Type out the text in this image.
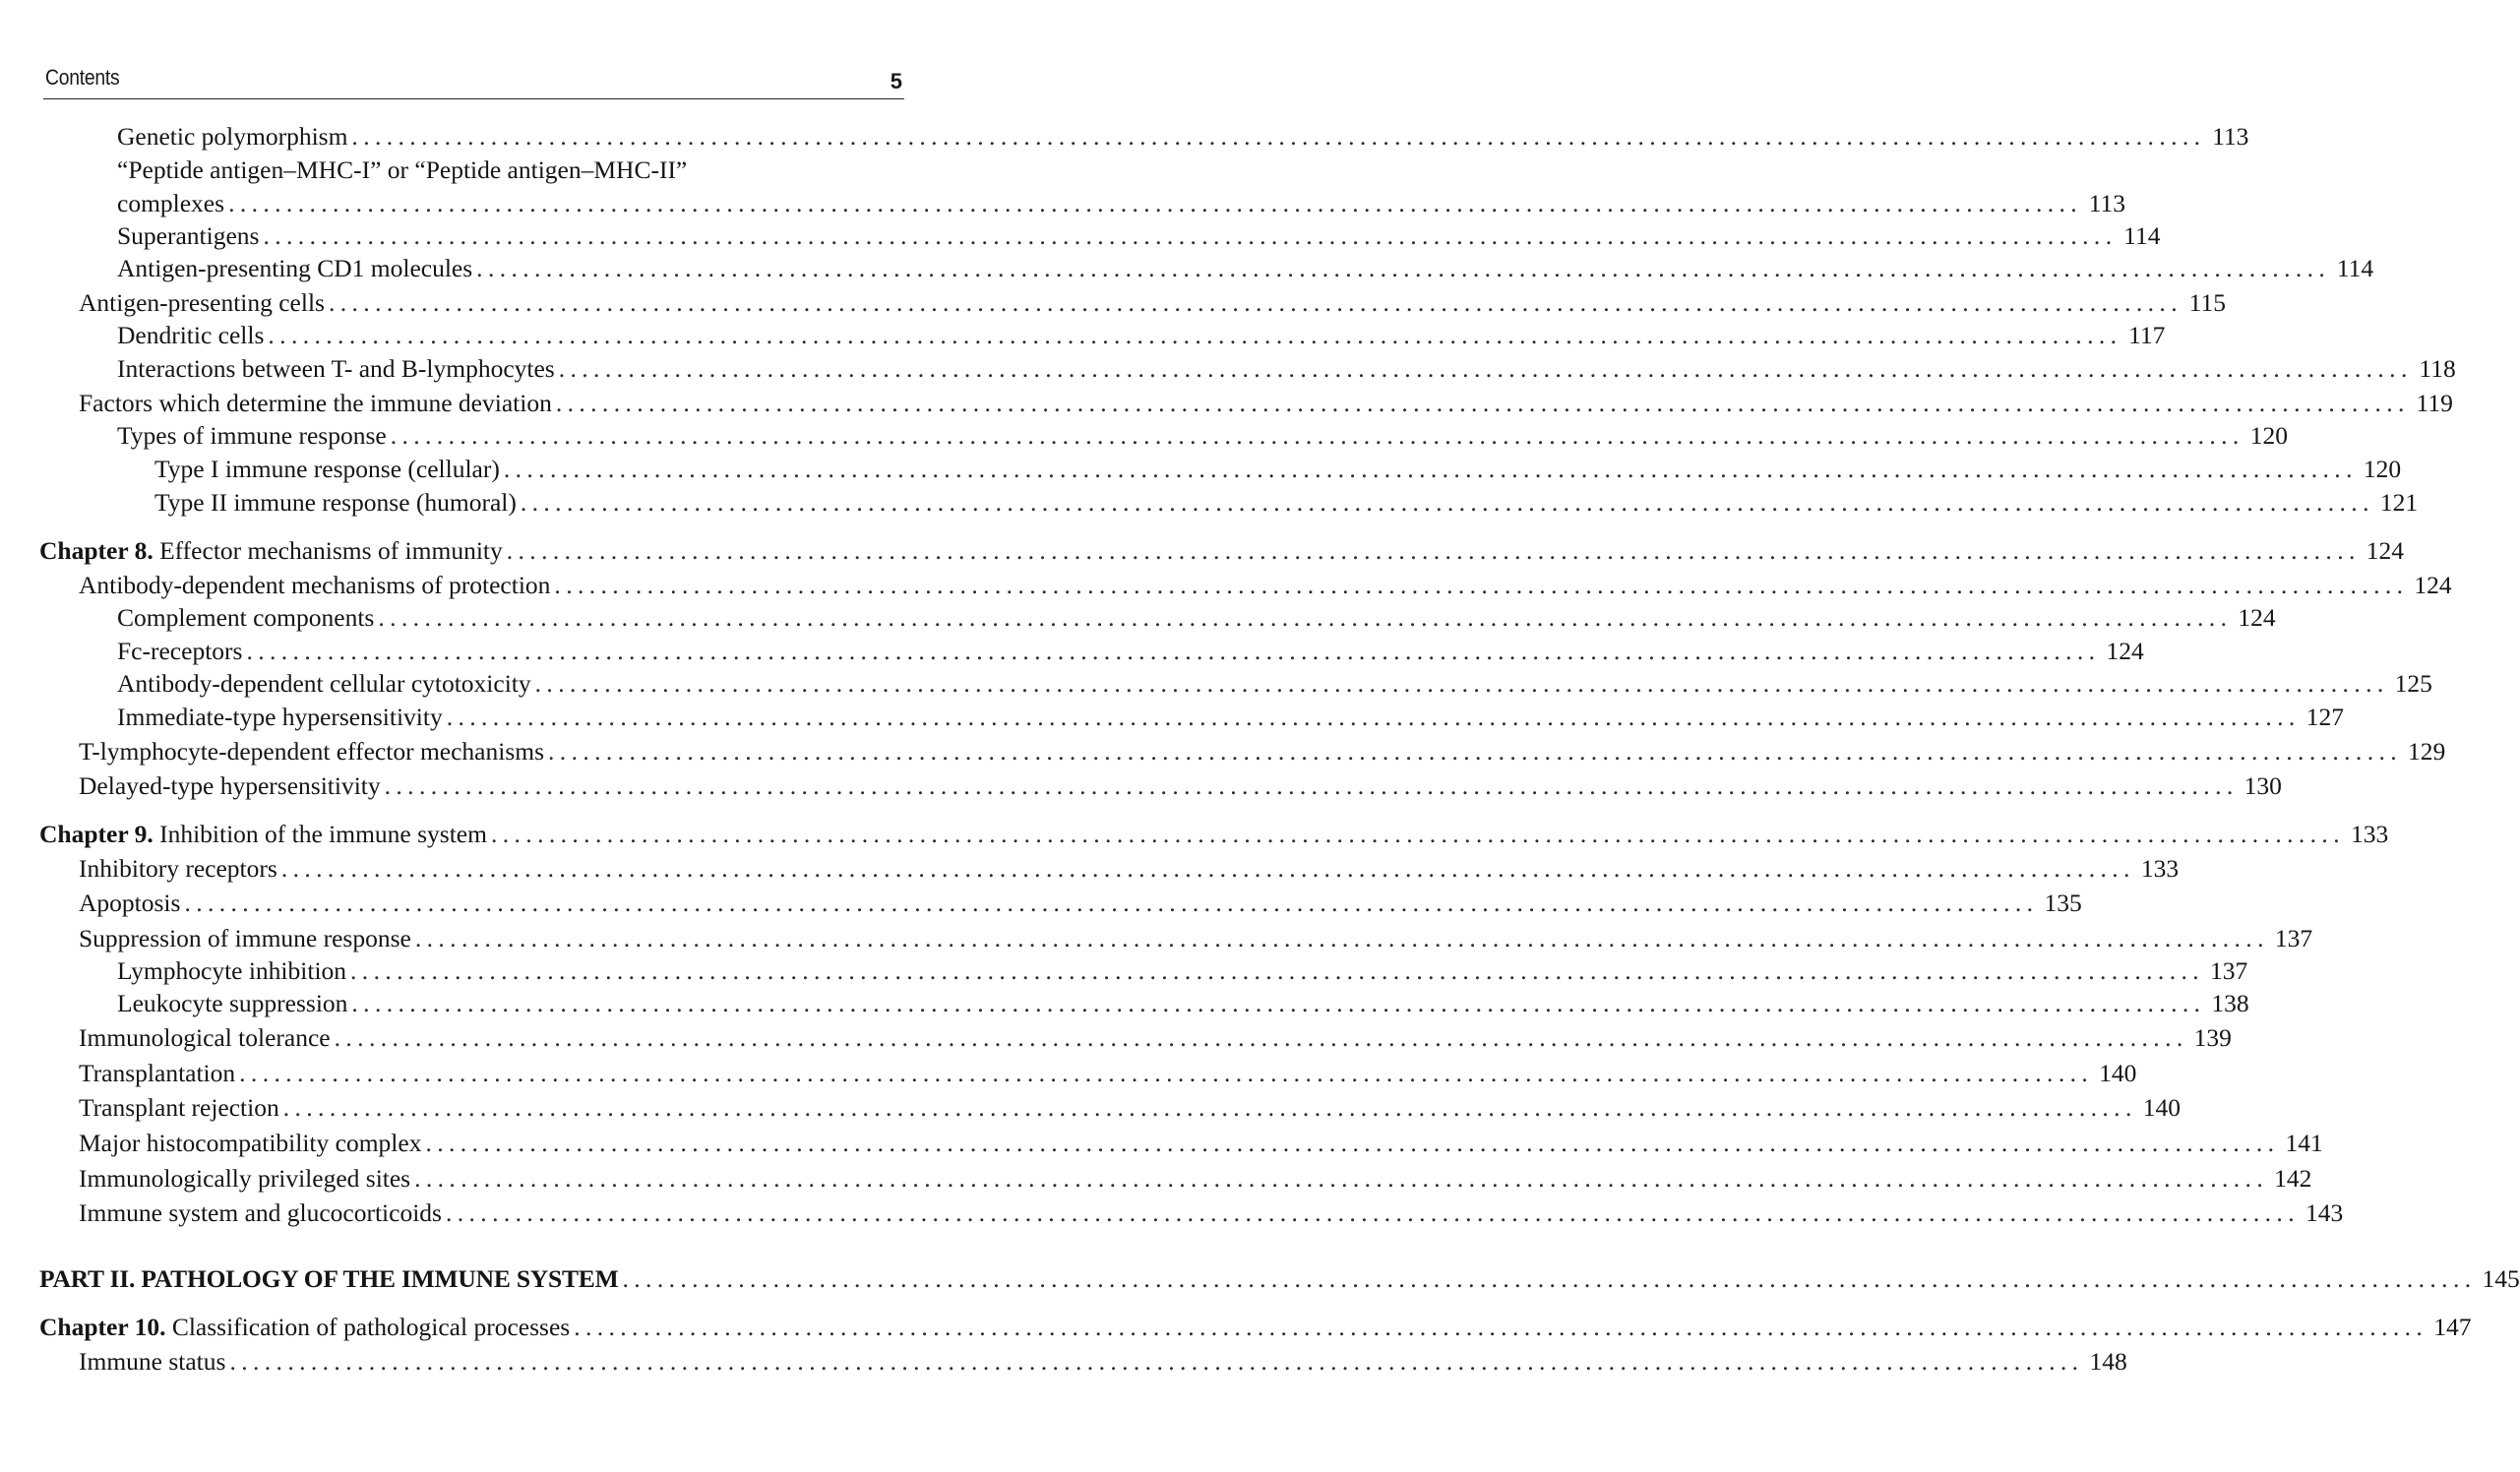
Contents	5
Genetic polymorphism ................................................................................................................................................................ 113
“Peptide antigen–MHC-I” or “Peptide antigen–MHC-II”
complexes ................................................................................................................................................................ 113
Superantigens ................................................................................................................................................................ 114
Antigen-presenting CD1 molecules ................................................................................................................................................................ 114
Antigen-presenting cells ................................................................................................................................................................ 115
Dendritic cells ................................................................................................................................................................ 117
Interactions between T- and B-lymphocytes ................................................................................................................................................................ 118
Factors which determine the immune deviation ................................................................................................................................................................ 119
Types of immune response ................................................................................................................................................................ 120
Type I immune response (cellular) ................................................................................................................................................................ 120
Type II immune response (humoral) ................................................................................................................................................................ 121
Chapter 8. Effector mechanisms of immunity ................................................................................................................................................................ 124
Antibody-dependent mechanisms of protection ................................................................................................................................................................ 124
Complement components ................................................................................................................................................................ 124
Fc-receptors ................................................................................................................................................................ 124
Antibody-dependent cellular cytotoxicity ................................................................................................................................................................ 125
Immediate-type hypersensitivity ................................................................................................................................................................ 127
T-lymphocyte-dependent effector mechanisms ................................................................................................................................................................ 129
Delayed-type hypersensitivity ................................................................................................................................................................ 130
Chapter 9. Inhibition of the immune system ................................................................................................................................................................ 133
Inhibitory receptors ................................................................................................................................................................ 133
Apoptosis ................................................................................................................................................................ 135
Suppression of immune response ................................................................................................................................................................ 137
Lymphocyte inhibition ................................................................................................................................................................ 137
Leukocyte suppression ................................................................................................................................................................ 138
Immunological tolerance ................................................................................................................................................................ 139
Transplantation ................................................................................................................................................................ 140
Transplant rejection ................................................................................................................................................................ 140
Major histocompatibility complex ................................................................................................................................................................ 141
Immunologically privileged sites ................................................................................................................................................................ 142
Immune system and glucocorticoids ................................................................................................................................................................ 143
PART II. PATHOLOGY OF THE IMMUNE SYSTEM ................................................................................................................................................................ 145
Chapter 10. Classification of pathological processes ................................................................................................................................................................ 147
Immune status ................................................................................................................................................................ 148
